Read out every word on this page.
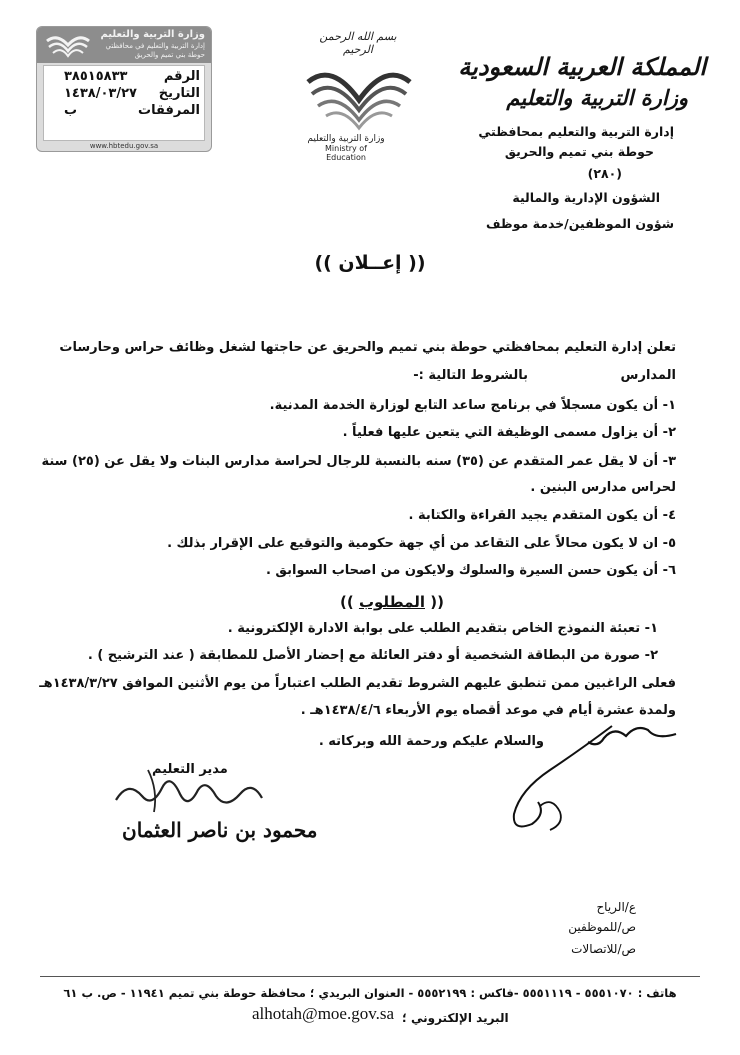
وزارة التربية والتعليم
إدارة التربية والتعليم في محافظتي
حوطة بني تميم والحريق
الرقم
٣٨٥١٥٨٣٣
التاريخ
١٤٣٨/٠٣/٢٧
المرفقات
ب
www.hbtedu.gov.sa
بسم الله الرحمن الرحيم
وزارة التربية والتعليم
Ministry of Education
المملكة العربية السعودية
وزارة التربية والتعليم
إدارة التربية والتعليم بمحافظتي
حوطة بني تميم والحريق
(٢٨٠)
الشؤون الإدارية والمالية
شؤون الموظفين/خدمة موظف
(( إعــلان ))
تعلن إدارة التعليم بمحافظتي حوطة بني تميم والحريق عن حاجتها لشغل وظائف حراس وحارسات
المدارس
بالشروط التالية :-
١- أن يكون مسجلاً في برنامج ساعد التابع لوزارة الخدمة المدنية.
٢- أن يزاول مسمى الوظيفة التي يتعين عليها فعلياً .
٣- أن لا يقل عمر المتقدم عن (٣٥) سنه بالنسبة للرجال لحراسة مدارس البنات ولا يقل عن (٢٥) سنة
لحراس مدارس البنين .
٤- أن يكون المتقدم يجيد القراءة والكتابة .
٥- ان لا يكون محالاً على التقاعد من أي جهة حكومية والتوقيع على الإقرار بذلك .
٦- أن يكون حسن السيرة والسلوك ولايكون من اصحاب السوابق .
(( المطلوب ))
١- تعبئة النموذج الخاص بتقديم الطلب على بوابة الادارة الإلكترونية .
٢- صورة من البطاقة الشخصية أو دفتر العائلة مع إحضار الأصل للمطابقة ( عند الترشيح ) .
فعلى الراغبين ممن تنطبق عليهم الشروط تقديم الطلب اعتباراً من يوم الأثنين الموافق ١٤٣٨/٣/٢٧هـ
ولمدة عشرة أيام في موعد أقصاه يوم الأربعاء ١٤٣٨/٤/٦هـ .
والسلام عليكم ورحمة الله وبركاته .
مدير التعليم
محمود بن ناصر العثمان
ع/الرياح
ص/للموظفين
ص/للاتصالات
هاتف : ٥٥٥١٠٧٠ - ٥٥٥١١١٩ -فاكس : ٥٥٥٢١٩٩ - العنوان البريدي ؛ محافظة حوطة بني تميم ١١٩٤١ - ص. ب ٦١
البريد الإلكتروني ؛
alhotah@moe.gov.sa
